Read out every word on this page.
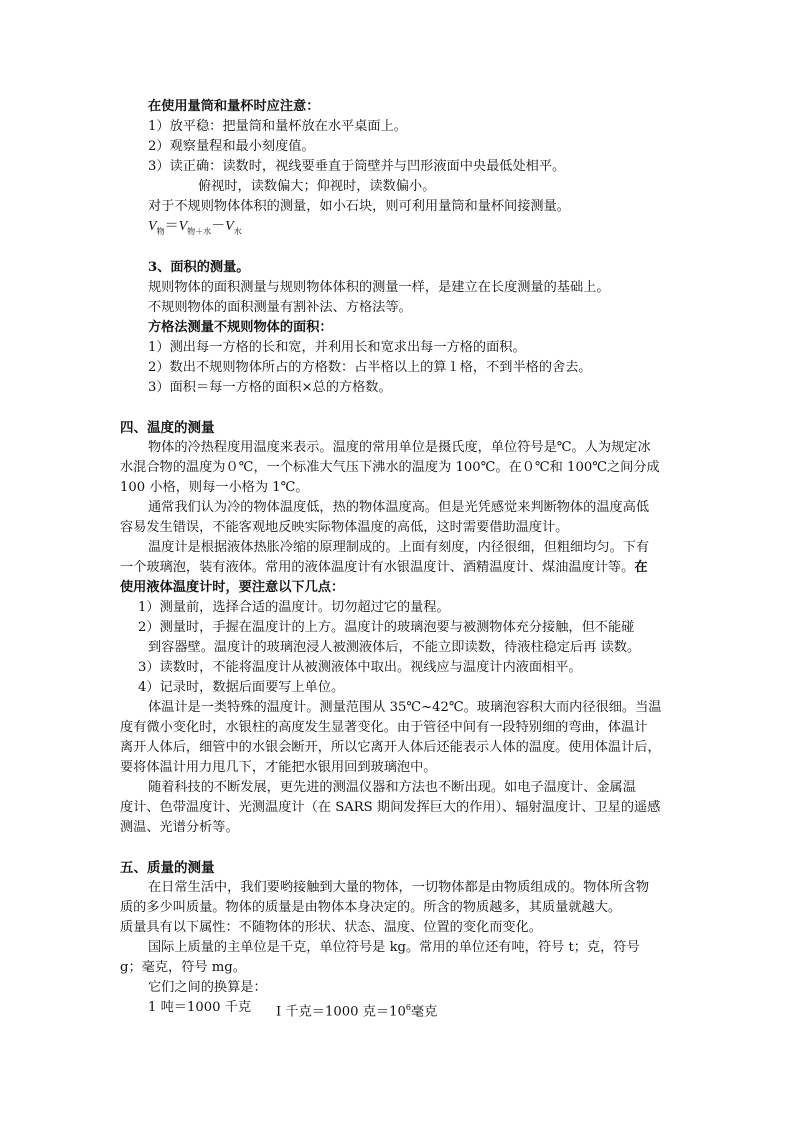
在使用量筒和量杯时应注意：
1）放平稳：把量筒和量杯放在水平桌面上。
2）观察量程和最小刻度值。
3）读正确：读数时，视线要垂直于筒壁并与凹形液面中央最低处相平。
俯视时，读数偏大；仰视时，读数偏小。
对于不规则物体体积的测量，如小石块，则可利用量筒和量杯间接测量。
$V_物=V_{物+水}-V_水$
3、面积的测量。
规则物体的面积测量与规则物体体积的测量一样，是建立在长度测量的基础上。
不规则物体的面积测量有割补法、方格法等。
方格法测量不规则物体的面积：
1）测出每一方格的长和宽，并利用长和宽求出每一方格的面积。
2）数出不规则物体所占的方格数：占半格以上的算１格，不到半格的舍去。
3）面积＝每一方格的面积×总的方格数。
四、温度的测量
物体的冷热程度用温度来表示。温度的常用单位是摄氏度，单位符号是℃。人为规定冰
水混合物的温度为０℃，一个标准大气压下沸水的温度为 100℃。在０℃和 100℃之间分成
100 小格，则每一小格为 1℃。
通常我们认为冷的物体温度低，热的物体温度高。但是光凭感觉来判断物体的温度高低
容易发生错误，不能客观地反映实际物体温度的高低，这时需要借助温度计。
温度计是根据液体热胀冷缩的原理制成的。上面有刻度，内径很细，但粗细均匀。下有
一个玻璃泡，装有液体。常用的液体温度计有水银温度计、酒精温度计、煤油温度计等。在
使用液体温度计时，要注意以下几点：
1）测量前，选择合适的温度计。切勿超过它的量程。
2）测量时，手握在温度计的上方。温度计的玻璃泡要与被测物体充分接触，但不能碰
到容器壁。温度计的玻璃泡浸人被测液体后，不能立即读数，待液柱稳定后再 读数。
3）读数时，不能将温度计从被测液体中取出。视线应与温度计内液面相平。
4）记录时，数据后面要写上单位。
体温计是一类特殊的温度计。测量范围从 35℃~42℃。玻璃泡容积大而内径很细。当温
度有微小变化时，水银柱的高度发生显著变化。由于管径中间有一段特别细的弯曲，体温计
离开人体后，细管中的水银会断开，所以它离开人体后还能表示人体的温度。使用体温计后，
要将体温计用力甩几下，才能把水银用回到玻璃泡中。
随着科技的不断发展，更先进的测温仪器和方法也不断出现。如电子温度计、金属温
度计、色带温度计、光测温度计（在 SARS 期间发挥巨大的作用）、辐射温度计、卫星的遥感
测温、光谱分析等。
五、质量的测量
在日常生活中，我们要哟接触到大量的物体，一切物体都是由物质组成的。物体所含物
质的多少叫质量。物体的质量是由物体本身决定的。所含的物质越多，其质量就越大。
质量具有以下属性：不随物体的形状、状态、温度、位置的变化而变化。
国际上质量的主单位是千克，单位符号是 kg。常用的单位还有吨，符号 t；克，符号
g；毫克，符号 mg。
它们之间的换算是：
1 吨＝1000 千克 I 千克＝1000 克$=10^6$毫克
